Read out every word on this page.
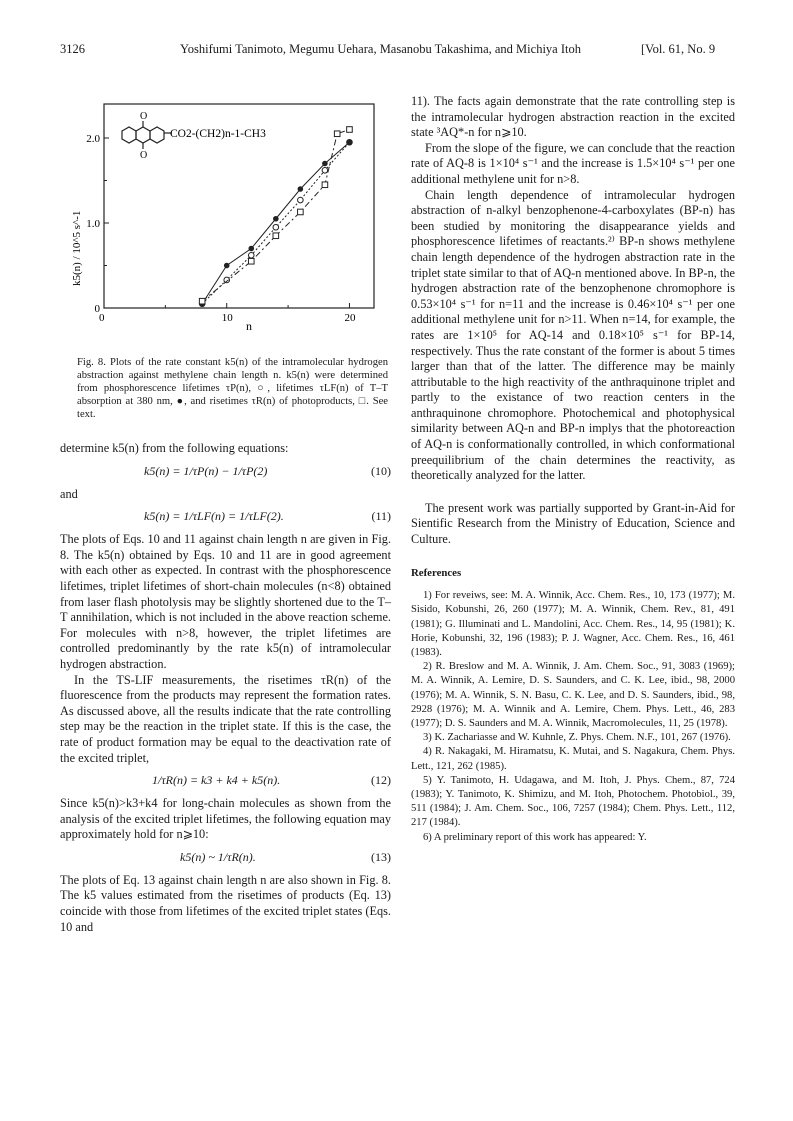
3126	Yoshifumi Tanimoto, Megumu Uehara, Masanobu Takashima, and Michiya Itoh	[Vol. 61, No. 9
0	10	20
0
1.0
2.0
O
O
CO2-(CH2)n-1-CH3
k5(n) / 10^5 s^-1
n
Fig. 8. Plots of the rate constant k5(n) of the intramolecular hydrogen abstraction against methylene chain length n. k5(n) were determined from phosphorescence lifetimes τP(n), ○, lifetimes τLF(n) of T–T absorption at 380 nm, ●, and risetimes τR(n) of photoproducts, □. See text.

determine k5(n) from the following equations:

k5(n) = 1/τP(n) − 1/τP(2)	(10)

and

k5(n) = 1/τLF(n) = 1/τLF(2).	(11)

The plots of Eqs. 10 and 11 against chain length n are given in Fig. 8. The k5(n) obtained by Eqs. 10 and 11 are in good agreement with each other as expected. In contrast with the phosphorescence lifetimes, triplet lifetimes of short-chain molecules (n<8) obtained from laser flash photolysis may be slightly shortened due to the T–T annihilation, which is not included in the above reaction scheme. For molecules with n>8, however, the triplet lifetimes are controlled predominantly by the rate k5(n) of intramolecular hydrogen abstraction.

In the TS-LIF measurements, the risetimes τR(n) of the fluorescence from the products may represent the formation rates. As discussed above, all the results indicate that the rate controlling step may be the reaction in the triplet state. If this is the case, the rate of product formation may be equal to the deactivation rate of the excited triplet,

1/τR(n) = k3 + k4 + k5(n).	(12)

Since k5(n)>k3+k4 for long-chain molecules as shown from the analysis of the excited triplet lifetimes, the following equation may approximately hold for n⩾10:

k5(n) ~ 1/τR(n).	(13)

The plots of Eq. 13 against chain length n are also shown in Fig. 8. The k5 values estimated from the risetimes of products (Eq. 13) coincide with those from lifetimes of the excited triplet states (Eqs. 10 and

11). The facts again demonstrate that the rate controlling step is the intramolecular hydrogen abstraction reaction in the excited state ³AQ*-n for n⩾10.

From the slope of the figure, we can conclude that the reaction rate of AQ-8 is 1×10⁴ s⁻¹ and the increase is 1.5×10⁴ s⁻¹ per one additional methylene unit for n>8.

Chain length dependence of intramolecular hydrogen abstraction of n-alkyl benzophenone-4-carboxylates (BP-n) has been studied by monitoring the disappearance yields and phosphorescence lifetimes of reactants.²⁾ BP-n shows methylene chain length dependence of the hydrogen abstraction rate in the triplet state similar to that of AQ-n mentioned above. In BP-n, the hydrogen abstraction rate of the benzophenone chromophore is 0.53×10⁴ s⁻¹ for n=11 and the increase is 0.46×10⁴ s⁻¹ per one additional methylene unit for n>11. When n=14, for example, the rates are 1×10⁵ for AQ-14 and 0.18×10⁵ s⁻¹ for BP-14, respectively. Thus the rate constant of the former is about 5 times larger than that of the latter. The difference may be mainly attributable to the high reactivity of the anthraquinone triplet and partly to the existance of two reaction centers in the anthraquinone chromophore. Photochemical and photophysical similarity between AQ-n and BP-n implys that the photoreaction of AQ-n is conformationally controlled, in which conformational preequilibrium of the chain determines the reactivity, as theoretically analyzed for the latter.

The present work was partially supported by Grant-in-Aid for Sientific Research from the Ministry of Education, Science and Culture.

References

1) For reveiws, see: M. A. Winnik, Acc. Chem. Res., 10, 173 (1977); M. Sisido, Kobunshi, 26, 260 (1977); M. A. Winnik, Chem. Rev., 81, 491 (1981); G. Illuminati and L. Mandolini, Acc. Chem. Res., 14, 95 (1981); K. Horie, Kobunshi, 32, 196 (1983); P. J. Wagner, Acc. Chem. Res., 16, 461 (1983).

2) R. Breslow and M. A. Winnik, J. Am. Chem. Soc., 91, 3083 (1969); M. A. Winnik, A. Lemire, D. S. Saunders, and C. K. Lee, ibid., 98, 2000 (1976); M. A. Winnik, S. N. Basu, C. K. Lee, and D. S. Saunders, ibid., 98, 2928 (1976); M. A. Winnik and A. Lemire, Chem. Phys. Lett., 46, 283 (1977); D. S. Saunders and M. A. Winnik, Macromolecules, 11, 25 (1978).

3) K. Zachariasse and W. Kuhnle, Z. Phys. Chem. N.F., 101, 267 (1976).

4) R. Nakagaki, M. Hiramatsu, K. Mutai, and S. Nagakura, Chem. Phys. Lett., 121, 262 (1985).

5) Y. Tanimoto, H. Udagawa, and M. Itoh, J. Phys. Chem., 87, 724 (1983); Y. Tanimoto, K. Shimizu, and M. Itoh, Photochem. Photobiol., 39, 511 (1984); J. Am. Chem. Soc., 106, 7257 (1984); Chem. Phys. Lett., 112, 217 (1984).

6) A preliminary report of this work has appeared: Y.
